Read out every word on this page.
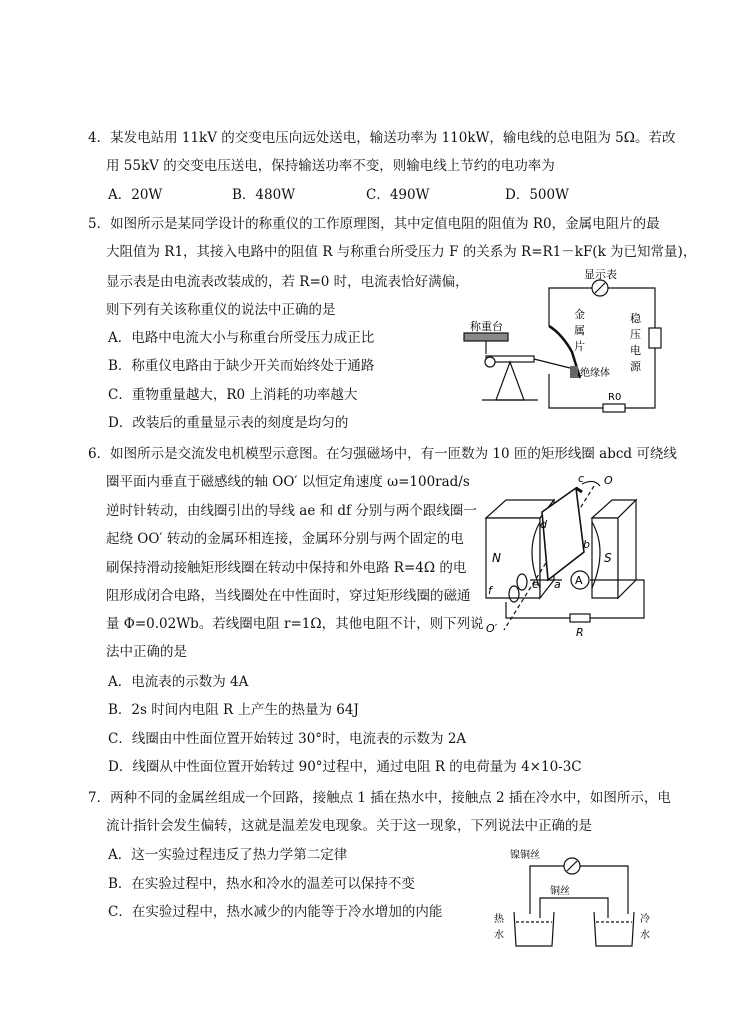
4．某发电站用 11kV 的交变电压向远处送电，输送功率为 110kW，输电线的总电阻为 5Ω。若改
用 55kV 的交变电压送电，保持输送功率不变，则输电线上节约的电功率为
A．20W	B．480W	C．490W	D．500W
5．如图所示是某同学设计的称重仪的工作原理图，其中定值电阻的阻值为 R0，金属电阻片的最
大阻值为 R1，其接入电路中的阻值 R 与称重台所受压力 F 的关系为 R=R1－kF(k 为已知常量)，
显示表是由电流表改装成的，若 R=0 时，电流表恰好满偏，
则下列有关该称重仪的说法中正确的是
A．电路中电流大小与称重台所受压力成正比
B．称重仪电路由于缺少开关而始终处于通路
C．重物重量越大，R0 上消耗的功率越大
D．改装后的重量显示表的刻度是均匀的
显示表
称重台
绝缘体
R0
金
属
片
稳
压
电
源
6．如图所示是交流发电机模型示意图。在匀强磁场中，有一匝数为 10 匝的矩形线圈 abcd 可绕线
圈平面内垂直于磁感线的轴 OO′ 以恒定角速度 ω=100rad/s
逆时针转动，由线圈引出的导线 ae 和 df 分别与两个跟线圈一
起绕 OO′ 转动的金属环相连接，金属环分别与两个固定的电
刷保持滑动接触矩形线圈在转动中保持和外电路 R=4Ω 的电
阻形成闭合电路，当线圈处在中性面时，穿过矩形线圈的磁通
量 Φ=0.02Wb。若线圈电阻 r=1Ω，其他电阻不计，则下列说
法中正确的是
A．电流表的示数为 4A
B．2s 时间内电阻 R 上产生的热量为 64J
C．线圈由中性面位置开始转过 30°时，电流表的示数为 2A
D．线圈从中性面位置开始转过 90°过程中，通过电阻 R 的电荷量为 4×10-3C
N	S
a
b
c
d
e
f
O
O′
A
R
7．两种不同的金属丝组成一个回路，接触点 1 插在热水中，接触点 2 插在冷水中，如图所示，电
流计指针会发生偏转，这就是温差发电现象。关于这一现象，下列说法中正确的是
A．这一实验过程违反了热力学第二定律
B．在实验过程中，热水和冷水的温差可以保持不变
C．在实验过程中，热水减少的内能等于冷水增加的内能
镍铜丝
铜丝
热
水
冷
水
